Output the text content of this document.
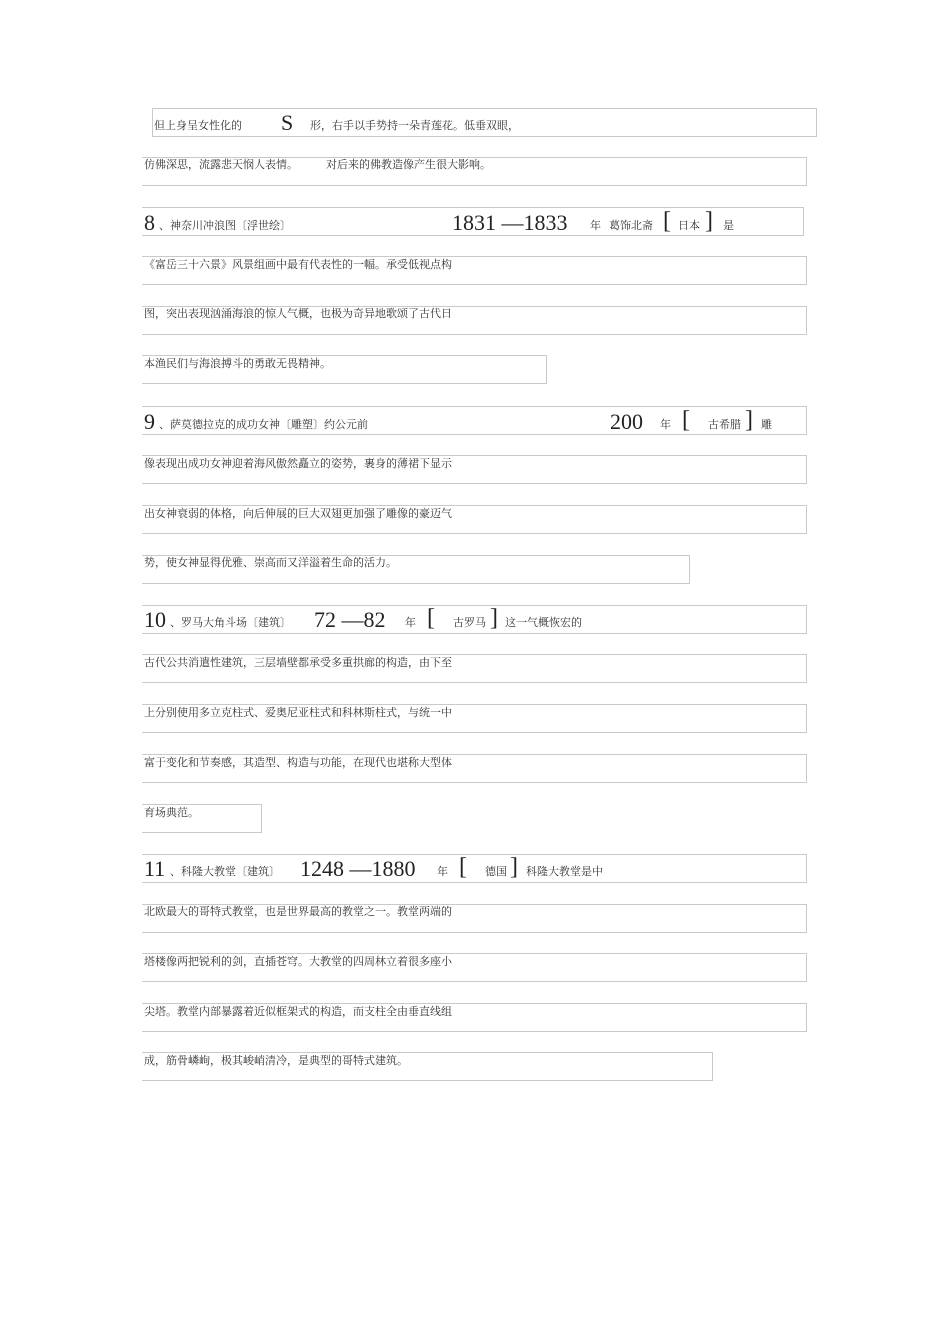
但上身呈女性化的 S 形，右手以手势持一朵青莲花。低垂双眼，
仿佛深思，流露悲天悯人表情。	对后来的佛教造像产生很大影响。
8 、神奈川冲浪图〔浮世绘〕	1831 —1833 年 葛饰北斋 [ 日本 ] 是
《富岳三十六景》风景组画中最有代表性的一幅。承受低视点构
图，突出表现汹涌海浪的惊人气概，也极为奇异地歌颂了古代日
本渔民们与海浪搏斗的勇敢无畏精神。
9 、萨莫德拉克的成功女神〔雕塑〕约公元前	200 年 [ 古希腊 ] 雕
像表现出成功女神迎着海风傲然矗立的姿势，裹身的薄裙下显示
出女神衰弱的体格，向后伸展的巨大双翅更加强了雕像的豪迈气
势，使女神显得优雅、崇高而又洋溢着生命的活力。
10 、罗马大角斗场〔建筑〕 72 —82 年 [ 古罗马 ] 这一气概恢宏的
古代公共消遣性建筑，三层墙壁都承受多重拱廊的构造，由下至
上分别使用多立克柱式、爱奥尼亚柱式和科林斯柱式，与统一中
富于变化和节奏感，其造型、构造与功能，在现代也堪称大型体
育场典范。
11 、科隆大教堂〔建筑〕 1248 —1880 年 [ 德国 ] 科隆大教堂是中
北欧最大的哥特式教堂，也是世界最高的教堂之一。教堂两端的
塔楼像两把锐利的剑，直插苍穹。大教堂的四周林立着很多座小
尖塔。教堂内部暴露着近似框架式的构造，而支柱全由垂直线组
成，筋骨嶙峋，极其峻峭清冷，是典型的哥特式建筑。
